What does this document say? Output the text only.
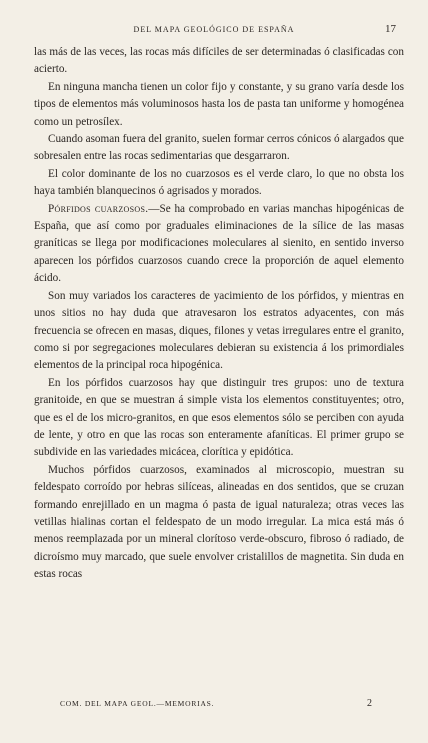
DEL MAPA GEOLÓGICO DE ESPAÑA	17

las más de las veces, las rocas más difíciles de ser determinadas ó clasificadas con acierto.

En ninguna mancha tienen un color fijo y constante, y su grano varía desde los tipos de elementos más voluminosos hasta los de pasta tan uniforme y homogénea como un petrosílex.

Cuando asoman fuera del granito, suelen formar cerros cónicos ó alargados que sobresalen entre las rocas sedimentarias que desgarraron.

El color dominante de los no cuarzosos es el verde claro, lo que no obsta los haya también blanquecinos ó agrisados y morados.

Pórfidos cuarzosos.—Se ha comprobado en varias manchas hipogénicas de España, que así como por graduales eliminaciones de la sílice de las masas graníticas se llega por modificaciones moleculares al sienito, en sentido inverso aparecen los pórfidos cuarzosos cuando crece la proporción de aquel elemento ácido.

Son muy variados los caracteres de yacimiento de los pórfidos, y mientras en unos sitios no hay duda que atravesaron los estratos adyacentes, con más frecuencia se ofrecen en masas, diques, filones y vetas irregulares entre el granito, como si por segregaciones moleculares debieran su existencia á los primordiales elementos de la principal roca hipogénica.

En los pórfidos cuarzosos hay que distinguir tres grupos: uno de textura granitoide, en que se muestran á simple vista los elementos constituyentes; otro, que es el de los micro-granitos, en que esos elementos sólo se perciben con ayuda de lente, y otro en que las rocas son enteramente afaníticas. El primer grupo se subdivide en las variedades micácea, clorítica y epidótica.

Muchos pórfidos cuarzosos, examinados al microscopio, muestran su feldespato corroído por hebras silíceas, alineadas en dos sentidos, que se cruzan formando enrejillado en un magma ó pasta de igual naturaleza; otras veces las vetillas hialinas cortan el feldespato de un modo irregular. La mica está más ó menos reemplazada por un mineral clorítoso verde-obscuro, fibroso ó radiado, de dicroísmo muy marcado, que suele envolver cristalillos de magnetita. Sin duda en estas rocas

COM. DEL MAPA GEOL.—MEMORIAS.	2
